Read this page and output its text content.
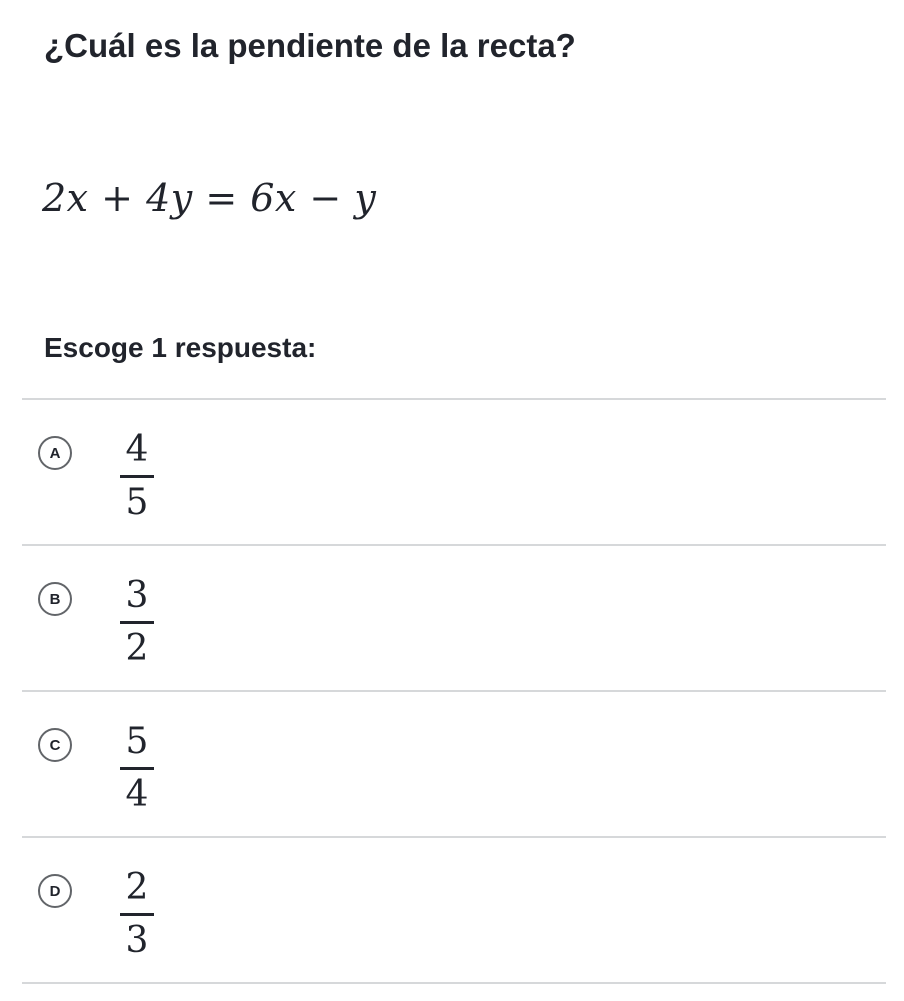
¿Cuál es la pendiente de la recta?
2x + 4y = 6x − y
Escoge 1 respuesta:
A	4
5
B	3
2
C	5
4
D	2
3
